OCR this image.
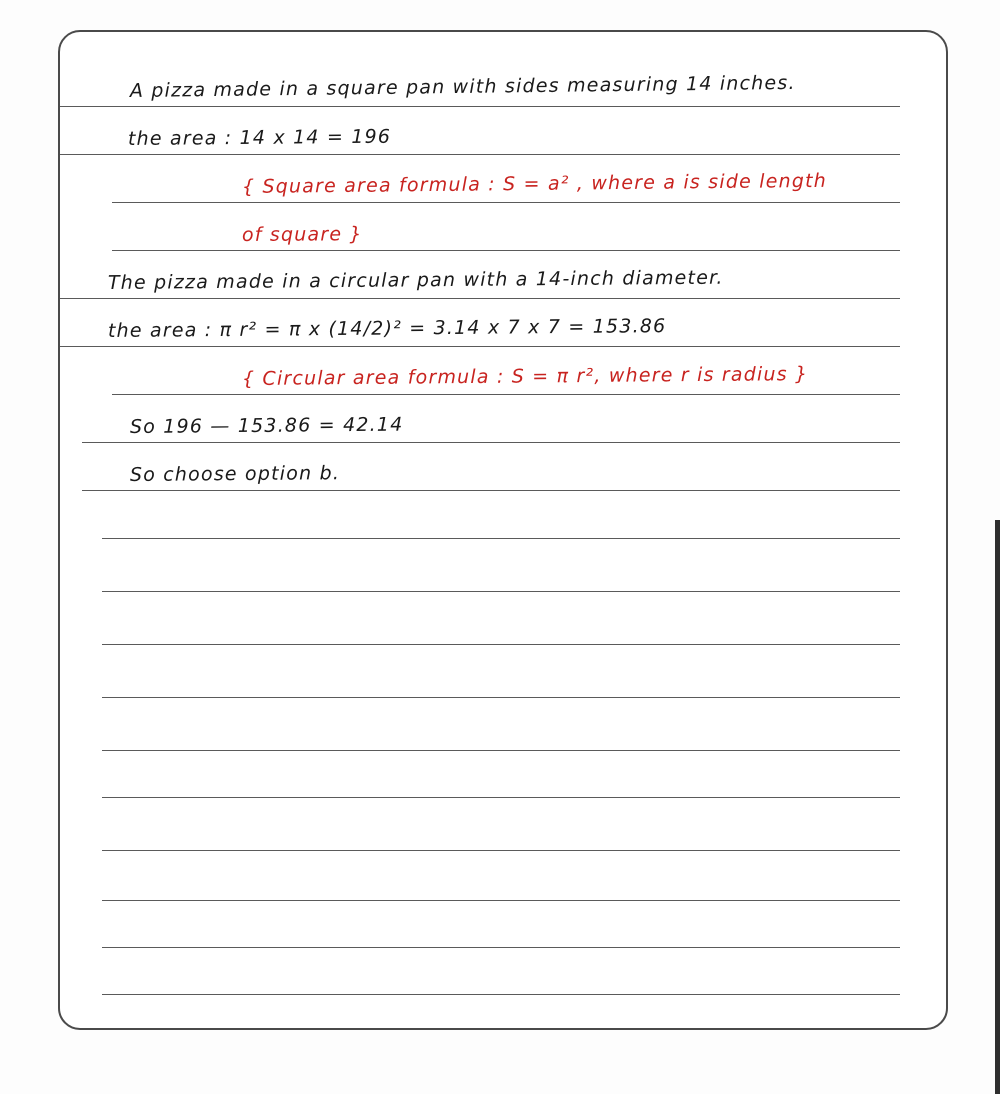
A pizza made in a square pan with sides measuring 14 inches.
the area : 14 x 14 = 196
{ Square area formula : S = a² , where a is side length
of square }
The pizza made in a circular pan with a 14-inch diameter.
the area : π r² = π x (14/2)² = 3.14 x 7 x 7 = 153.86
{ Circular area formula : S = π r², where r is radius }
So 196 — 153.86 = 42.14
So choose option b.
